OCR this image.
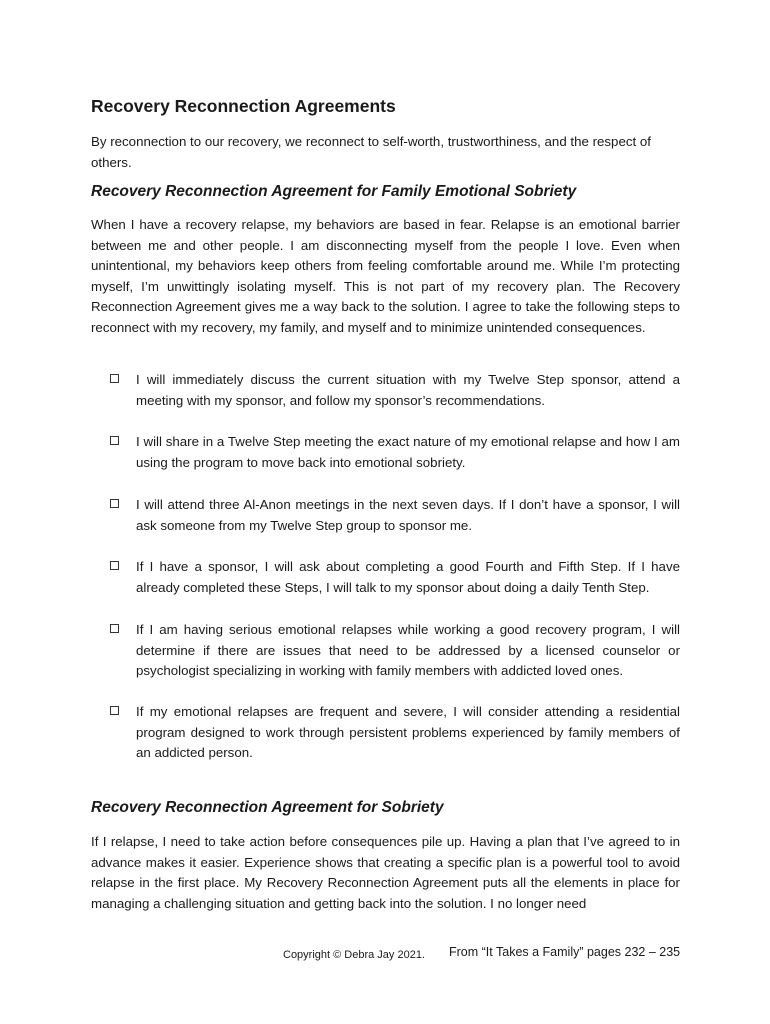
Recovery Reconnection Agreements

By reconnection to our recovery, we reconnect to self-worth, trustworthiness, and the respect of others.

Recovery Reconnection Agreement for Family Emotional Sobriety

When I have a recovery relapse, my behaviors are based in fear. Relapse is an emotional barrier between me and other people. I am disconnecting myself from the people I love. Even when unintentional, my behaviors keep others from feeling comfortable around me. While I’m protecting myself, I’m unwittingly isolating myself. This is not part of my recovery plan. The Recovery Reconnection Agreement gives me a way back to the solution. I agree to take the following steps to reconnect with my recovery, my family, and myself and to minimize unintended consequences.

I will immediately discuss the current situation with my Twelve Step sponsor, attend a meeting with my sponsor, and follow my sponsor’s recommendations.

I will share in a Twelve Step meeting the exact nature of my emotional relapse and how I am using the program to move back into emotional sobriety.

I will attend three Al-Anon meetings in the next seven days. If I don’t have a sponsor, I will ask someone from my Twelve Step group to sponsor me.

If I have a sponsor, I will ask about completing a good Fourth and Fifth Step. If I have already completed these Steps, I will talk to my sponsor about doing a daily Tenth Step.

If I am having serious emotional relapses while working a good recovery program, I will determine if there are issues that need to be addressed by a licensed counselor or psychologist specializing in working with family members with addicted loved ones.

If my emotional relapses are frequent and severe, I will consider attending a residential program designed to work through persistent problems experienced by family members of an addicted person.

Recovery Reconnection Agreement for Sobriety

If I relapse, I need to take action before consequences pile up. Having a plan that I’ve agreed to in advance makes it easier. Experience shows that creating a specific plan is a powerful tool to avoid relapse in the first place. My Recovery Reconnection Agreement puts all the elements in place for managing a challenging situation and getting back into the solution. I no longer need

Copyright © Debra Jay 2021. From “It Takes a Family” pages 232 – 235
